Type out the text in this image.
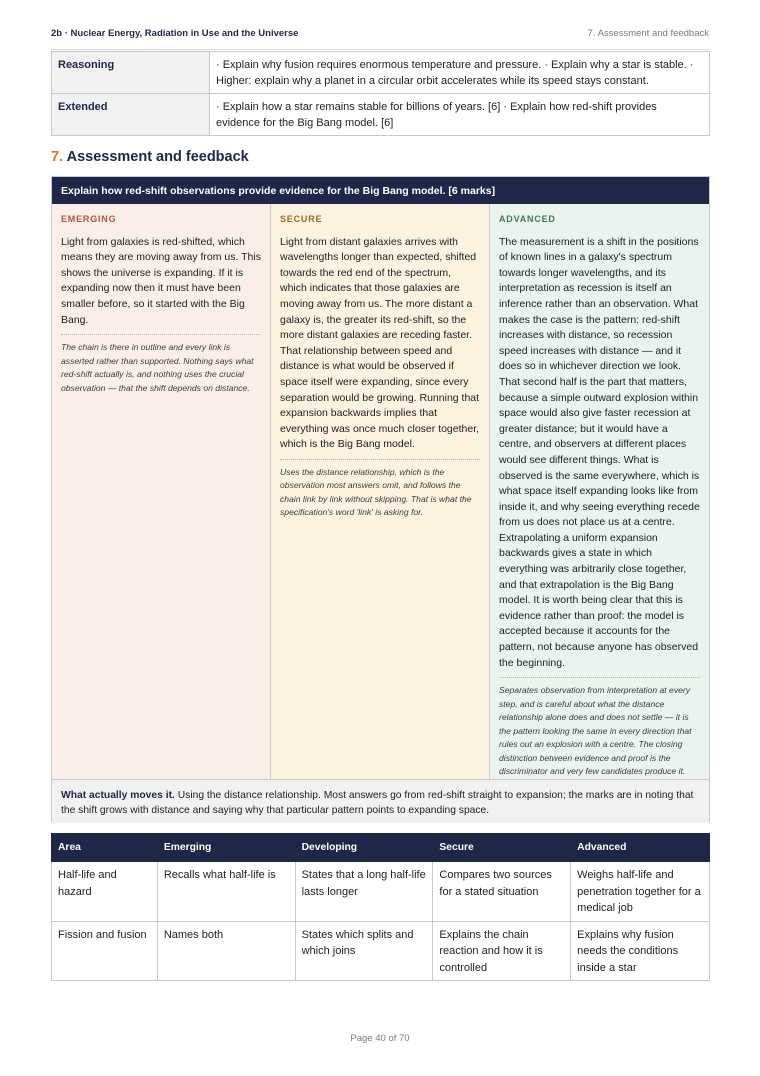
2b · Nuclear Energy, Radiation in Use and the Universe	7. Assessment and feedback
Reasoning	· Explain why fusion requires enormous temperature and pressure. · Explain why a star is stable. · Higher: explain why a planet in a circular orbit accelerates while its speed stays constant.
Extended	· Explain how a star remains stable for billions of years. [6] · Explain how red-shift provides evidence for the Big Bang model. [6]
7. Assessment and feedback
Explain how red-shift observations provide evidence for the Big Bang model. [6 marks]
EMERGING

Light from galaxies is red-shifted, which means they are moving away from us. This shows the universe is expanding. If it is expanding now then it must have been smaller before, so it started with the Big Bang.

The chain is there in outline and every link is asserted rather than supported. Nothing says what red-shift actually is, and nothing uses the crucial observation — that the shift depends on distance.

SECURE

Light from distant galaxies arrives with wavelengths longer than expected, shifted towards the red end of the spectrum, which indicates that those galaxies are moving away from us. The more distant a galaxy is, the greater its red-shift, so the more distant galaxies are receding faster. That relationship between speed and distance is what would be observed if space itself were expanding, since every separation would be growing. Running that expansion backwards implies that everything was once much closer together, which is the Big Bang model.

Uses the distance relationship, which is the observation most answers omit, and follows the chain link by link without skipping. That is what the specification's word 'link' is asking for.

ADVANCED

The measurement is a shift in the positions of known lines in a galaxy's spectrum towards longer wavelengths, and its interpretation as recession is itself an inference rather than an observation. What makes the case is the pattern: red-shift increases with distance, so recession speed increases with distance — and it does so in whichever direction we look. That second half is the part that matters, because a simple outward explosion within space would also give faster recession at greater distance; but it would have a centre, and observers at different places would see different things. What is observed is the same everywhere, which is what space itself expanding looks like from inside it, and why seeing everything recede from us does not place us at a centre. Extrapolating a uniform expansion backwards gives a state in which everything was arbitrarily close together, and that extrapolation is the Big Bang model. It is worth being clear that this is evidence rather than proof: the model is accepted because it accounts for the pattern, not because anyone has observed the beginning.

Separates observation from interpretation at every step, and is careful about what the distance relationship alone does and does not settle — it is the pattern looking the same in every direction that rules out an explosion with a centre. The closing distinction between evidence and proof is the discriminator and very few candidates produce it.

What actually moves it. Using the distance relationship. Most answers go from red-shift straight to expansion; the marks are in noting that the shift grows with distance and saying why that particular pattern points to expanding space.
Area	Emerging	Developing	Secure	Advanced
Half-life and hazard	Recalls what half-life is	States that a long half-life lasts longer	Compares two sources for a stated situation	Weighs half-life and penetration together for a medical job
Fission and fusion	Names both	States which splits and which joins	Explains the chain reaction and how it is controlled	Explains why fusion needs the conditions inside a star
Page 40 of 70
